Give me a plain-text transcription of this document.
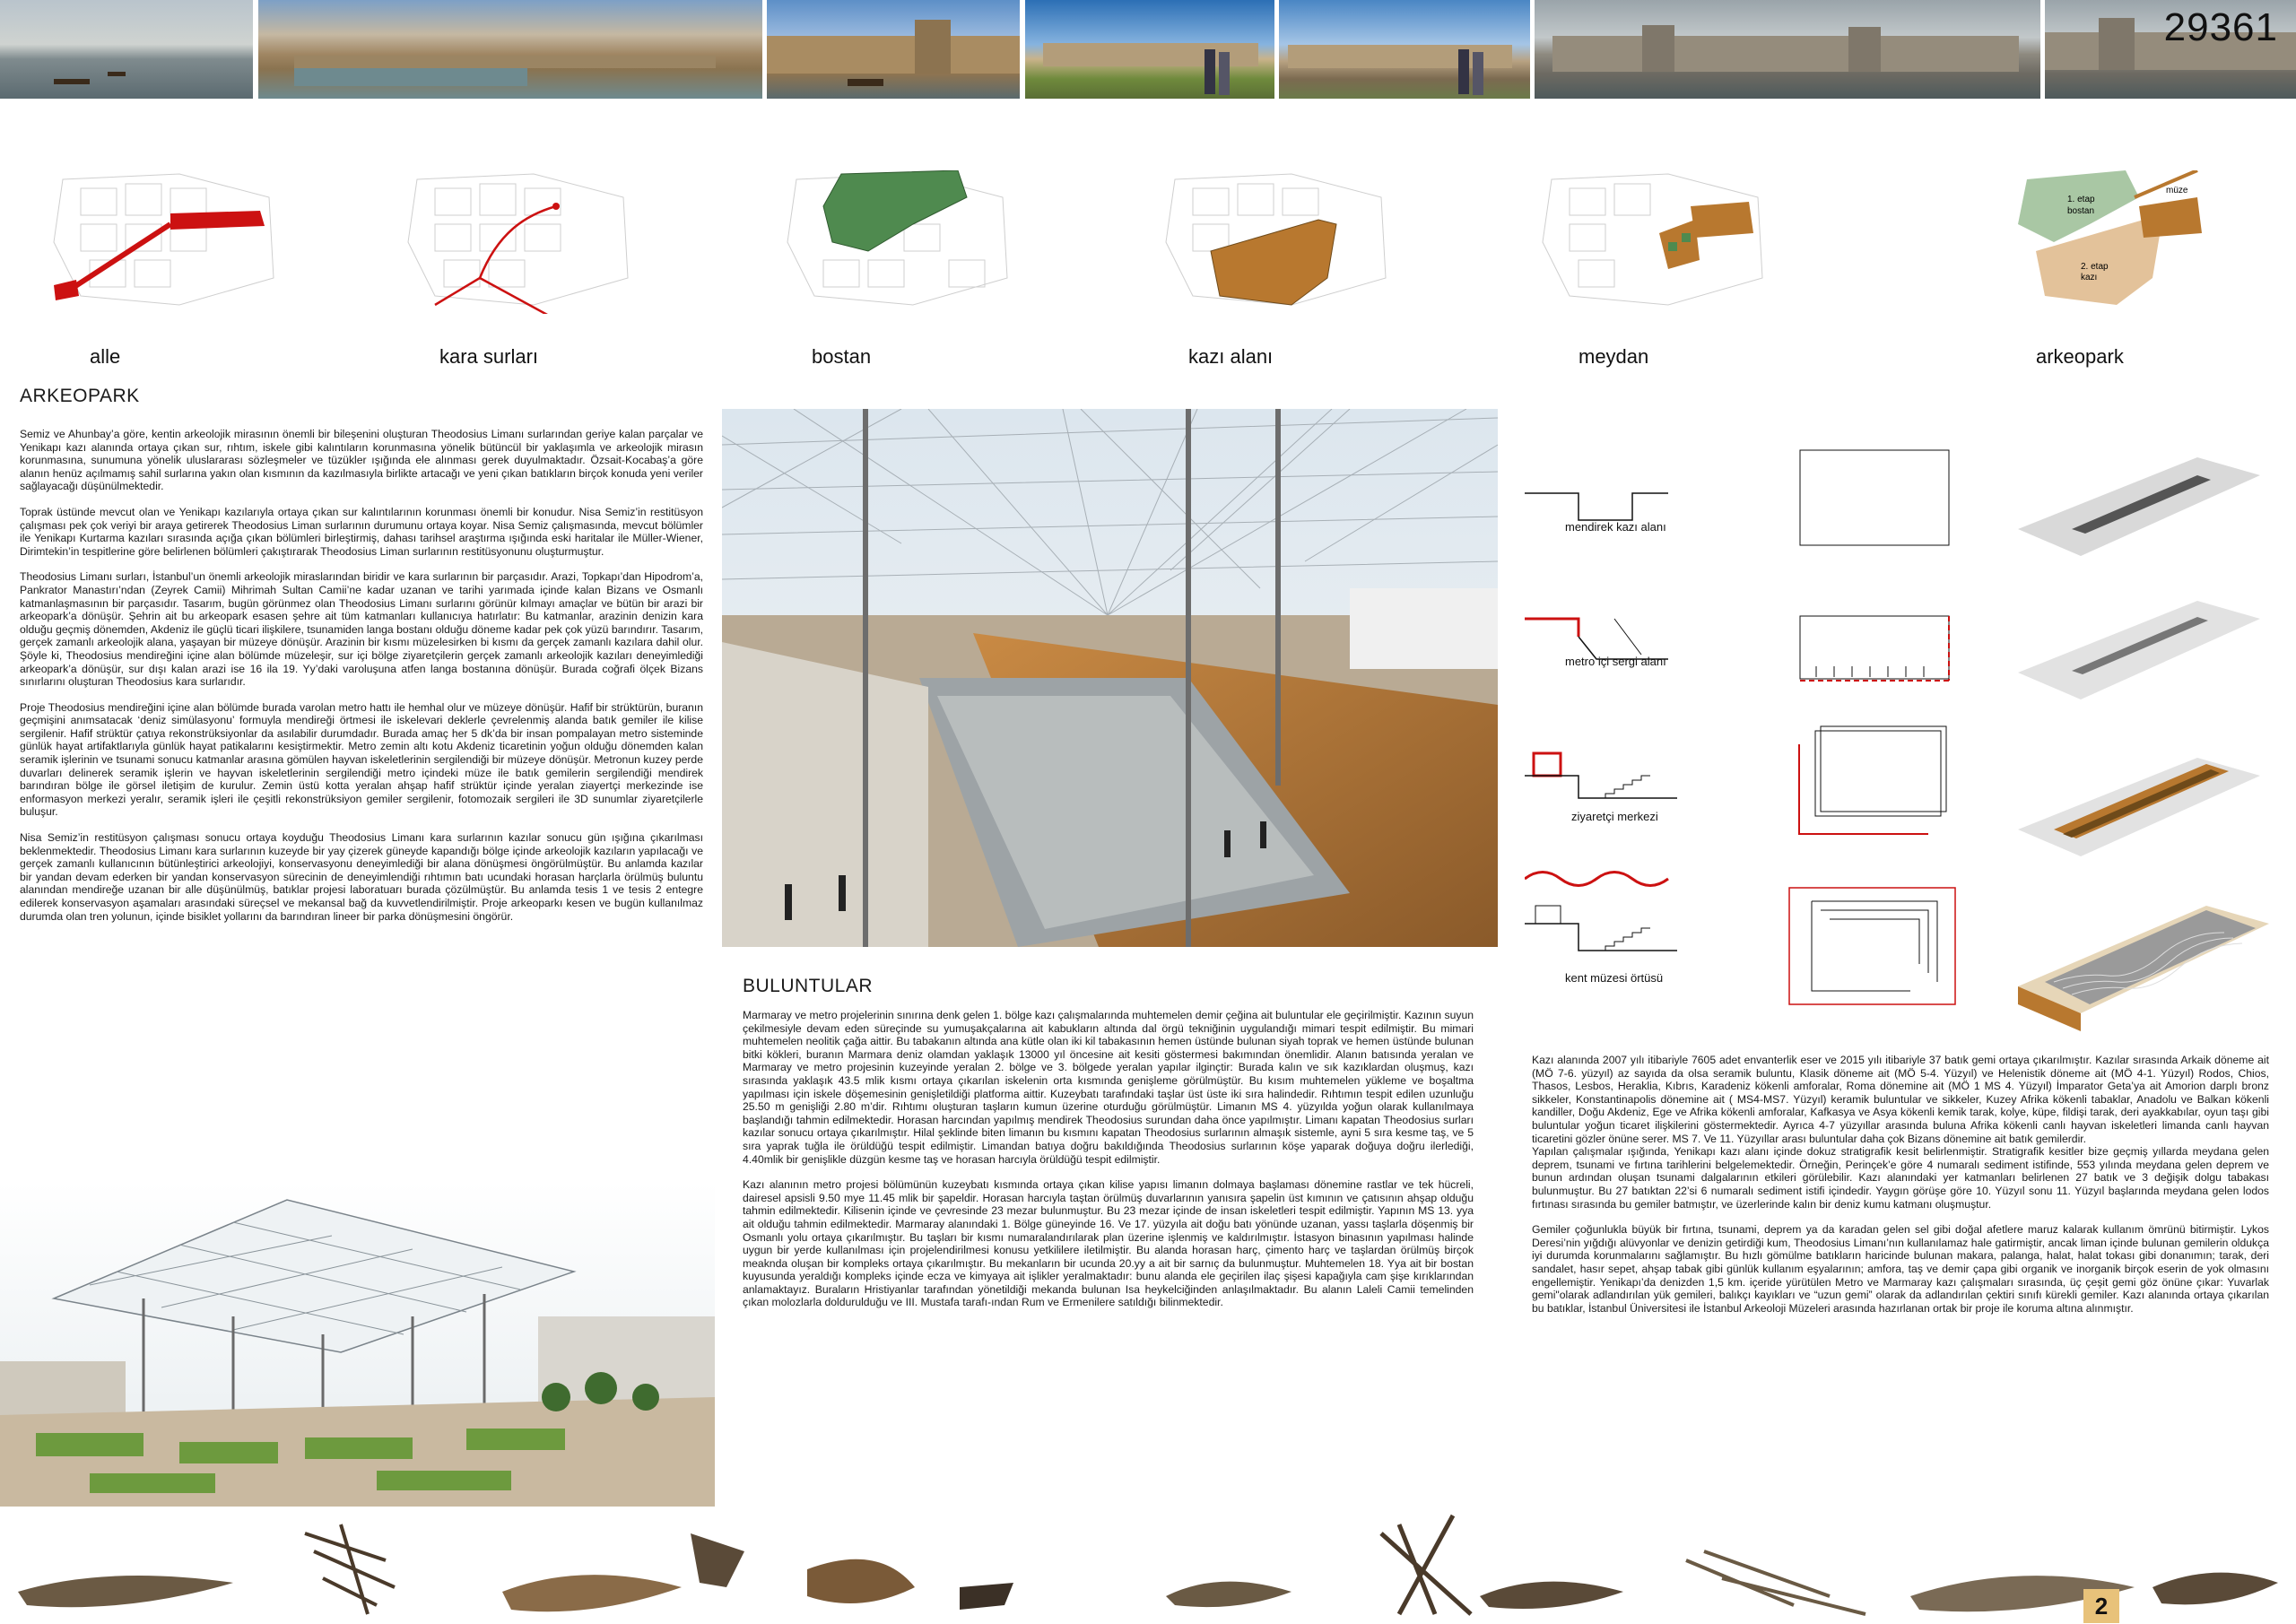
29361
alle	kara surları	bostan	kazı alanı	meydan
1. etap
bostan
müze
2. etap
kazı
arkeopark
ARKEOPARK

Semiz ve Ahunbay’a göre, kentin arkeolojik mirasının önemli bir bileşenini oluşturan Theodosius Limanı surlarından geriye kalan parçalar ve Yenikapı kazı alanında ortaya çıkan sur, rıhtım, iskele gibi kalıntıların korunmasına yönelik bütüncül bir yaklaşımla ve arkeolojik mirasın korunmasına, sunumuna yönelik uluslararası sözleşmeler ve tüzükler ışığında ele alınması gerek duyulmaktadır. Özsait-Kocabaş’a göre alanın henüz açılmamış sahil surlarına yakın olan kısmının da kazılmasıyla birlikte artacağı ve yeni çıkan batıkların birçok konuda yeni veriler sağlayacağı düşünülmektedir.

Toprak üstünde mevcut olan ve Yenikapı kazılarıyla ortaya çıkan sur kalıntılarının korunması önemli bir konudur. Nisa Semiz’in restitüsyon çalışması pek çok veriyi bir araya getirerek Theodosius Liman surlarının durumunu ortaya koyar. Nisa Semiz çalışmasında, mevcut bölümler ile Yenikapı Kurtarma kazıları sırasında açığa çıkan bölümleri birleştirmiş, dahası tarihsel araştırma ışığında eski haritalar ile Müller-Wiener, Dirimtekin’in tespitlerine göre belirlenen bölümleri çakıştırarak Theodosius Liman surlarının restitüsyonunu oluşturmuştur.

Theodosius Limanı surları, İstanbul’un önemli arkeolojik miraslarından biridir ve kara surlarının bir parçasıdır. Arazi, Topkapı’dan Hipodrom’a, Pankrator Manastırı’ndan (Zeyrek Camii) Mihrimah Sultan Camii’ne kadar uzanan ve tarihi yarımada içinde kalan Bizans ve Osmanlı katmanlaşmasının bir parçasıdır. Tasarım, bugün görünmez olan Theodosius Limanı surlarını görünür kılmayı amaçlar ve bütün bir arazi bir arkeopark’a dönüşür. Şehrin ait bu arkeopark esasen şehre ait tüm katmanları kullanıcıya hatırlatır: Bu katmanlar, arazinin denizin kara olduğu geçmiş dönemden, Akdeniz ile güçlü ticari ilişkilere, tsunamiden langa bostanı olduğu döneme kadar pek çok yüzü barındırır. Tasarım, gerçek zamanlı arkeolojik alana, yaşayan bir müzeye dönüşür. Arazinin bir kısmı müzelesirken bi kısmı da gerçek zamanlı kazılara dahil olur. Şöyle ki, Theodosius mendireğini içine alan bölümde müzeleşir, sur içi bölge ziyaretçilerin gerçek zamanlı arkeolojik kazıları deneyimlediği arkeopark’a dönüşür, sur dışı kalan arazi ise 16 ila 19. Yy’daki varoluşuna atfen langa bostanına dönüşür. Burada coğrafi ölçek Bizans sınırlarını oluşturan Theodosius kara surlarıdır.

Proje Theodosius mendireğini içine alan bölümde burada varolan metro hattı ile hemhal olur ve müzeye dönüşür. Hafif bir strüktürün, buranın geçmişini anımsatacak ‘deniz simülasyonu’ formuyla mendireği örtmesi ile iskelevari deklerle çevrelenmiş alanda batık gemiler ile kilise sergilenir. Hafif strüktür çatıya rekonstrüksiyonlar da asılabilir durumdadır. Burada amaç her 5 dk’da bir insan pompalayan metro sisteminde günlük hayat artifaktlarıyla günlük hayat patikalarını kesiştirmektir. Metro zemin altı kotu Akdeniz ticaretinin yoğun olduğu dönemden kalan seramik işlerinin ve tsunami sonucu katmanlar arasına gömülen hayvan iskeletlerinin sergilendiği bir müzeye dönüşür. Metronun kuzey perde duvarları delinerek seramik işlerin ve hayvan iskeletlerinin sergilendiği metro içindeki müze ile batık gemilerin sergilendiği mendirek barındıran bölge ile görsel iletişim de kurulur. Zemin üstü kotta yeralan ahşap hafif strüktür içinde yeralan ziayertçi merkezinde ise enformasyon merkezi yeralır, seramik işleri ile çeşitli rekonstrüksiyon gemiler sergilenir, fotomozaik sergileri ile 3D sunumlar ziyaretçilerle buluşur.

Nisa Semiz’in restitüsyon çalışması sonucu ortaya koyduğu Theodosius Limanı kara surlarının kazılar sonucu gün ışığına çıkarılması beklenmektedir. Theodosius Limanı kara surlarının kuzeyde bir yay çizerek güneyde kapandığı bölge içinde arkeolojik kazıların yapılacağı ve gerçek zamanlı kullanıcının bütünleştirici arkeolojiyi, konservasyonu deneyimlediği bir alana dönüşmesi öngörülmüştür. Bu anlamda kazılar bir yandan devam ederken bir yandan konservasyon sürecinin de deneyimlendiği rıhtımın batı ucundaki horasan harçlarla örülmüş buluntu alanından mendireğe uzanan bir alle düşünülmüş, batıklar projesi laboratuarı burada çözülmüştür. Bu anlamda tesis 1 ve tesis 2 entegre edilerek konservasyon aşamaları arasındaki süreçsel ve mekansal bağ da kuvvetlendirilmiştir. Proje arkeoparkı kesen ve bugün kullanılmaz durumda olan tren yolunun, içinde bisiklet yollarını da barındıran lineer bir parka dönüşmesini öngörür.

BULUNTULAR

Marmaray ve metro projelerinin sınırına denk gelen 1. bölge kazı çalışmalarında muhtemelen demir çeğina ait buluntular ele geçirilmiştir. Kazının suyun çekilmesiyle devam eden süreçinde su yumuşakçalarına ait kabukların altında dal örgü tekniğinin uygulandığı mimari tespit edilmiştir. Bu mimari muhtemelen neolitik çağa aittir. Bu tabakanın altında ana kütle olan iki kil tabakasının hemen üstünde bulunan siyah toprak ve hemen üstünde bulunan bitki kökleri, buranın Marmara deniz olamdan yaklaşık 13000 yıl öncesine ait kesiti göstermesi bakımından önemlidir. Alanın batısında yeralan ve Marmaray ve metro projesinin kuzeyinde yeralan 2. bölge ve 3. bölgede yeralan yapılar ilginçtir: Burada kalın ve sık kazıklardan oluşmuş, kazı sırasında yaklaşık 43.5 mlik kısmı ortaya çıkarılan iskelenin orta kısmında genişleme görülmüştür. Bu kısım muhtemelen yükleme ve boşaltma yapılması için iskele döşemesinin genişletildiği platforma aittir. Kuzeybatı tarafındaki taşlar üst üste iki sıra halindedir. Rıhtımın tespit edilen uzunluğu 25.50 m genişliği 2.80 m’dir. Rıhtımı oluşturan taşların kumun üzerine oturduğu görülmüştür. Limanın MS 4. yüzyılda yoğun olarak kullanılmaya başlandığı tahmin edilmektedir. Horasan harcından yapılmış mendirek Theodosius surundan daha önce yapılmıştır. Limanı kapatan Theodosius surları kazılar sonucu ortaya çıkarılmıştır. Hilal şeklinde biten limanın bu kısmını kapatan Theodosius surlarının almaşık sistemle, ayni 5 sıra kesme taş, ve 5 sıra yaprak tuğla ile örüldüğü tespit edilmiştir. Limandan batıya doğru bakıldığında Theodosius surlarının köşe yaparak doğuya doğru ilerlediği, 4.40mlik bir genişlikle düzgün kesme taş ve horasan harcıyla örüldüğü tespit edilmiştir.

Kazı alanının metro projesi bölümünün kuzeybatı kısmında ortaya çıkan kilise yapısı limanın dolmaya başlaması dönemine rastlar ve tek hücreli, dairesel apsisli 9.50 mye 11.45 mlik bir şapeldir. Horasan harcıyla taştan örülmüş duvarlarının yanısıra şapelin üst kımının ve çatısının ahşap olduğu tahmin edilmektedir. Kilisenin içinde ve çevresinde 23 mezar bulunmuştur. Bu 23 mezar içinde de insan iskeletleri tespit edilmiştir. Yapının MS 13. yya ait olduğu tahmin edilmektedir. Marmaray alanındaki 1. Bölge güneyinde 16. Ve 17. yüzyıla ait doğu batı yönünde uzanan, yassı taşlarla döşenmiş bir Osmanlı yolu ortaya çıkarılmıştır. Bu taşları bir kısmı numaralandırılarak plan üzerine işlenmiş ve kaldırılmıştır. İstasyon binasının yapılması halinde uygun bir yerde kullanılması için projelendirilmesi konusu yetkililere iletilmiştir. Bu alanda horasan harç, çimento harç ve taşlardan örülmüş birçok meaknda oluşan bir kompleks ortaya çıkarılmıştır. Bu mekanların bir ucunda 20.yy a ait bir sarnıç da bulunmuştur. Muhtemelen 18. Yya ait bir bostan kuyusunda yeraldığı kompleks içinde ecza ve kimyaya ait işlikler yeralmaktadır: bunu alanda ele geçirilen ilaç şişesi kapağıyla cam şişe kırıklarından anlamaktayız. Buraların Hristiyanlar tarafından yönetildiği mekanda bulunan Isa heykelciğinden anlaşılmaktadır. Bu alanın Laleli Camii temelinden çıkan molozlarla doldurulduğu ve III. Mustafa tarafı-ından Rum ve Ermenilere satıldığı bilinmektedir.

mendirek kazı alanı
metro içi sergi alanı
ziyaretçi merkezi
kent müzesi örtüsü

Kazı alanında 2007 yılı itibariyle 7605 adet envanterlik eser ve 2015 yılı itibariyle 37 batık gemi ortaya çıkarılmıştır. Kazılar sırasında Arkaik döneme ait (MÖ 7-6. yüzyıl) az sayıda da olsa seramik buluntu, Klasik döneme ait (MÖ 5-4. Yüzyıl) ve Helenistik döneme ait (MÖ 4-1. Yüzyıl) Rodos, Chios, Thasos, Lesbos, Heraklia, Kıbrıs, Karadeniz kökenli amforalar, Roma dönemine ait (MÖ 1 MS 4. Yüzyıl) İmparator Geta’ya ait Amorion darplı bronz sikkeler, Konstantinapolis dönemine ait ( MS4-MS7. Yüzyıl) keramik buluntular ve sikkeler, Kuzey Afrika kökenli tabaklar, Anadolu ve Balkan kökenli kandiller, Doğu Akdeniz, Ege ve Afrika kökenli amforalar, Kafkasya ve Asya kökenli kemik tarak, kolye, küpe, fildişi tarak, deri ayakkabılar, oyun taşı gibi buluntular yoğun ticaret ilişkilerini göstermektedir. Ayrıca 4-7 yüzyıllar arasında buluna Afrika kökenli canlı hayvan iskeletleri limanda canlı hayvan ticaretini gözler önüne serer. MS 7. Ve 11. Yüzyıllar arası buluntular daha çok Bizans dönemine ait batık gemilerdir.

Yapılan çalışmalar ışığında, Yenikapı kazı alanı içinde dokuz stratigrafik kesit belirlenmiştir. Stratigrafik kesitler bize geçmiş yıllarda meydana gelen deprem, tsunami ve fırtına tarihlerini belgelemektedir. Örneğin, Perinçek’e göre 4 numaralı sediment istifinde, 553 yılında meydana gelen deprem ve bunun ardından oluşan tsunami dalgalarının etkileri görülebilir. Kazı alanındaki yer katmanları belirlenen 27 batık ve 3 değişik dolgu tabakası bulunmuştur. Bu 27 batıktan 22’si 6 numaralı sediment istifi içindedir. Yaygın görüşe göre 10. Yüzyıl sonu 11. Yüzyıl başlarında meydana gelen lodos fırtınası sırasında bu gemiler batmıştır, ve üzerlerinde kalın bir deniz kumu katmanı oluşmuştur.

Gemiler çoğunlukla büyük bir fırtına, tsunami, deprem ya da karadan gelen sel gibi doğal afetlere maruz kalarak kullanım ömrünü bitirmiştir. Lykos Deresi’nin yığdığı alüvyonlar ve denizin getirdiği kum, Theodosius Limanı’nın kullanılamaz hale gatirmiştir, ancak liman içinde bulunan gemilerin oldukça iyi durumda korunmalarını sağlamıştır. Bu hızlı gömülme batıkların haricinde bulunan makara, palanga, halat, halat tokası gibi donanımın; tarak, deri sandalet, hasır sepet, ahşap tabak gibi günlük kullanım eşyalarının; amfora, taş ve demir çapa gibi organik ve inorganik birçok eserin de yok olmasını engellemiştir. Yenikapı’da denizden 1,5 km. içeride yürütülen Metro ve Marmaray kazı çalışmaları sırasında, üç çeşit gemi göz önüne çıkar: Yuvarlak gemi"olarak adlandırılan yük gemileri, balıkçı kayıkları ve “uzun gemi” olarak da adlandırılan çektiri sınıfı kürekli gemiler. Kazı alanında ortaya çıkarılan bu batıklar, İstanbul Üniversitesi ile İstanbul Arkeoloji Müzeleri arasında hazırlanan ortak bir proje ile koruma altına alınmıştır.

2
